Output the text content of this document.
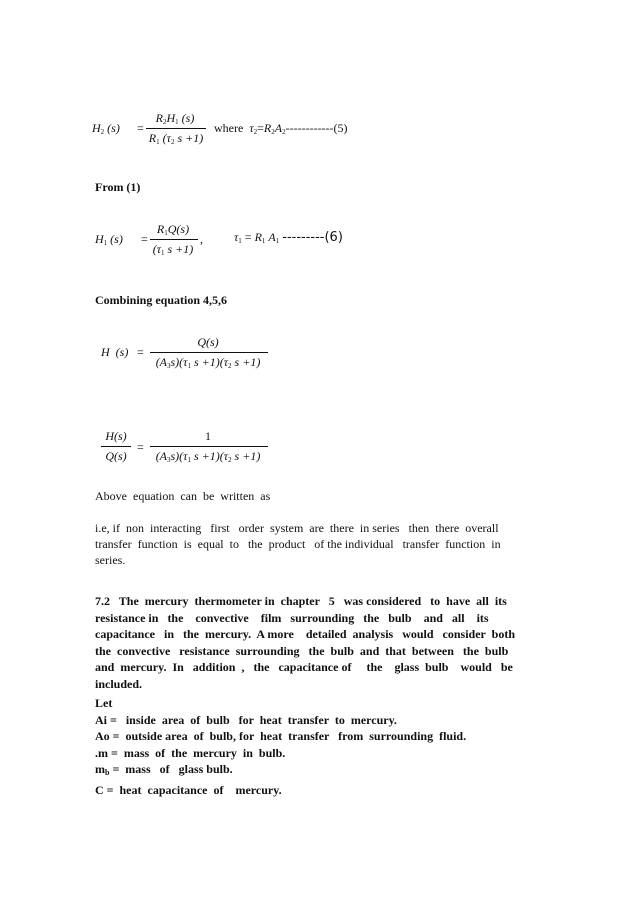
$H_2$ (s) =
$R_2H_1$ (s)
$R_1$ ($\tau_2$ s +1)
where $\tau_2=R_2A_2------------(5)$
From (1)
$H_1$ (s) =
$R_1Q(s)$
($\tau_1$ s +1)
,	$\tau_1 = R_1$ $A_1$ ---------(6)
Combining equation 4,5,6
H (s) =
Q(s)
$(A_3s)(\tau_1$ $s +1)(\tau_2$ s +1)
H(s)
Q(s)
=
1
$(A_3s)(\tau_1$ $s +1)(\tau_2$ s +1)
Above  equation  can  be  written  as
i.e, if  non  interacting   first   order  system  are  there  in series   then  there  overall
transfer  function  is  equal  to   the  product   of the individual   transfer  function  in
series.
7.2   The  mercury  thermometer in  chapter   5   was considered   to  have  all  its
resistance in   the    convective    film   surrounding   the   bulb    and   all    its
capacitance   in   the  mercury.  A more    detailed  analysis   would   consider  both
the  convective   resistance  surrounding   the  bulb  and  that  between   the  bulb
and  mercury.  In   addition  ,   the   capacitance of     the    glass  bulb    would   be
included.
Let
Ai =   inside  area  of  bulb   for  heat  transfer  to  mercury.
Ao =  outside area  of  bulb, for  heat  transfer   from  surrounding  fluid.
.m =  mass  of  the  mercury  in  bulb.
mb =  mass   of   glass bulb.
C =  heat  capacitance  of    mercury.
